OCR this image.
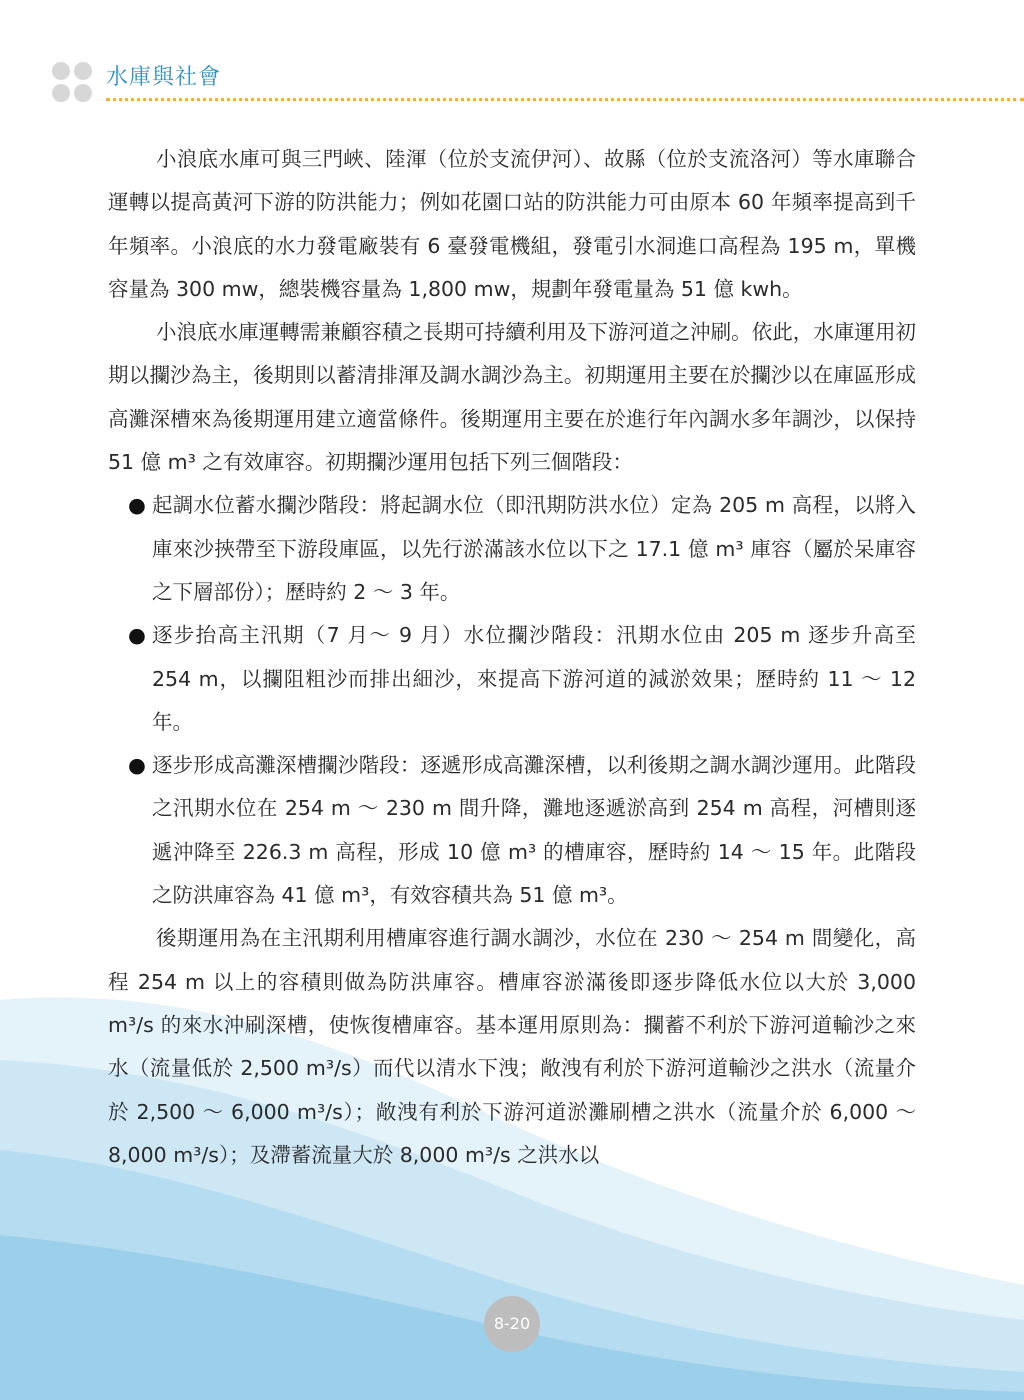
水庫與社會

小浪底水庫可與三門峽、陸渾（位於支流伊河）、故縣（位於支流洛河）等水庫聯合運轉以提高黃河下游的防洪能力；例如花園口站的防洪能力可由原本 60 年頻率提高到千年頻率。小浪底的水力發電廠裝有 6 臺發電機組，發電引水洞進口高程為 195 m，單機容量為 300 mw，總裝機容量為 1,800 mw，規劃年發電量為 51 億 kwh。

小浪底水庫運轉需兼顧容積之長期可持續利用及下游河道之沖刷。依此，水庫運用初期以攔沙為主，後期則以蓄清排渾及調水調沙為主。初期運用主要在於攔沙以在庫區形成高灘深槽來為後期運用建立適當條件。後期運用主要在於進行年內調水多年調沙，以保持 51 億 m³ 之有效庫容。初期攔沙運用包括下列三個階段：

● 起調水位蓄水攔沙階段：將起調水位（即汛期防洪水位）定為 205 m 高程，以將入庫來沙挾帶至下游段庫區，以先行淤滿該水位以下之 17.1 億 m³ 庫容（屬於呆庫容之下層部份）；歷時約 2 ～ 3 年。
● 逐步抬高主汛期（7 月～ 9 月）水位攔沙階段：汛期水位由 205 m 逐步升高至 254 m，以攔阻粗沙而排出細沙，來提高下游河道的減淤效果；歷時約 11 ～ 12 年。
● 逐步形成高灘深槽攔沙階段：逐遞形成高灘深槽，以利後期之調水調沙運用。此階段之汛期水位在 254 m ～ 230 m 間升降，灘地逐遞淤高到 254 m 高程，河槽則逐遞沖降至 226.3 m 高程，形成 10 億 m³ 的槽庫容，歷時約 14 ～ 15 年。此階段之防洪庫容為 41 億 m³，有效容積共為 51 億 m³。

後期運用為在主汛期利用槽庫容進行調水調沙，水位在 230 ～ 254 m 間變化，高程 254 m 以上的容積則做為防洪庫容。槽庫容淤滿後即逐步降低水位以大於 3,000 m³/s 的來水沖刷深槽，使恢復槽庫容。基本運用原則為：攔蓄不利於下游河道輸沙之來水（流量低於 2,500 m³/s）而代以清水下洩；敞洩有利於下游河道輸沙之洪水（流量介於 2,500 ～ 6,000 m³/s）；敞洩有利於下游河道淤灘刷槽之洪水（流量介於 6,000 ～ 8,000 m³/s）；及滯蓄流量大於 8,000 m³/s 之洪水以

8-20
